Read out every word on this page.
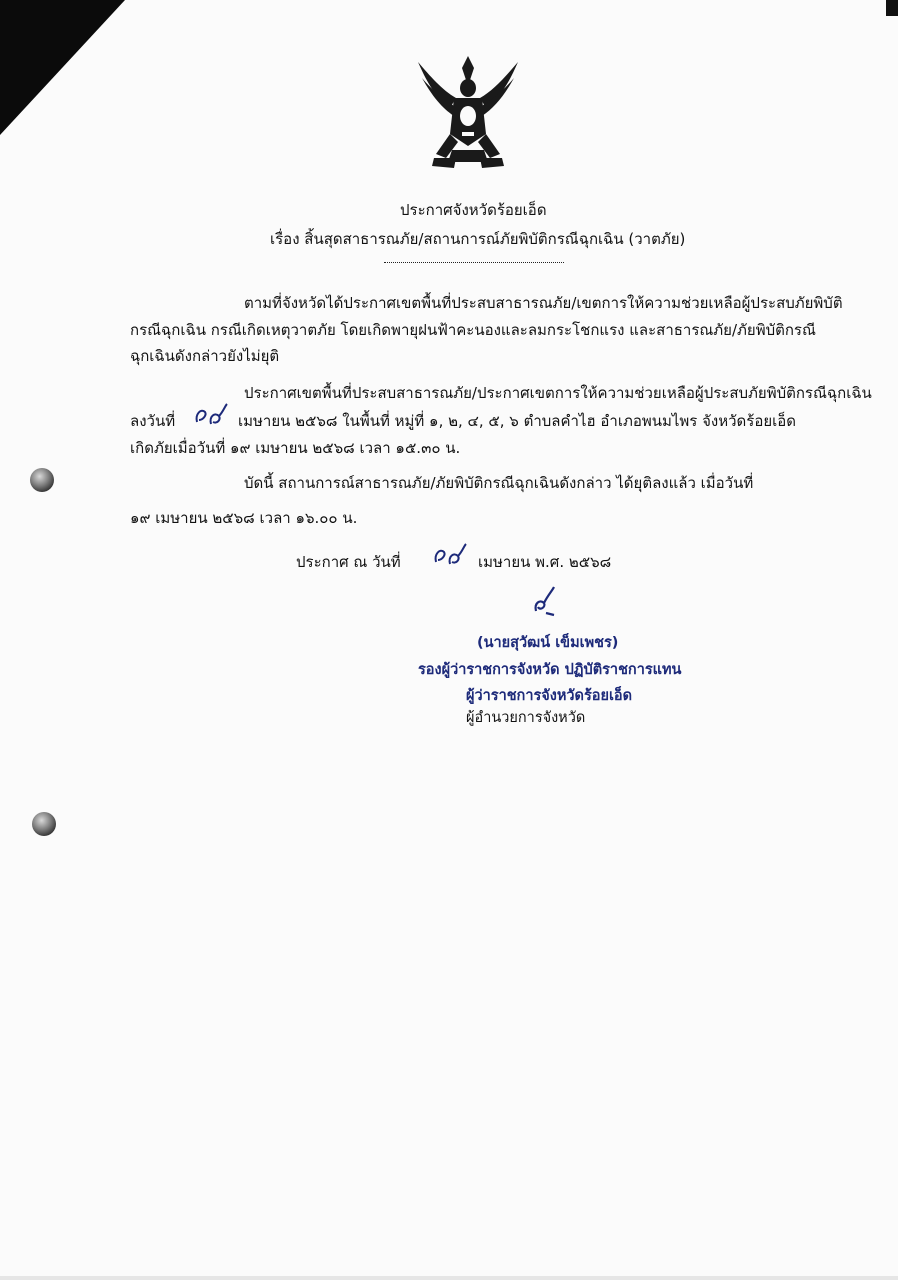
ประกาศจังหวัดร้อยเอ็ด
เรื่อง สิ้นสุดสาธารณภัย/สถานการณ์ภัยพิบัติกรณีฉุกเฉิน (วาตภัย)
ตามที่จังหวัดได้ประกาศเขตพื้นที่ประสบสาธารณภัย/เขตการให้ความช่วยเหลือผู้ประสบภัยพิบัติ
กรณีฉุกเฉิน กรณีเกิดเหตุวาตภัย โดยเกิดพายุฝนฟ้าคะนองและลมกระโชกแรง และสาธารณภัย/ภัยพิบัติกรณี
ฉุกเฉินดังกล่าวยังไม่ยุติ
ประกาศเขตพื้นที่ประสบสาธารณภัย/ประกาศเขตการให้ความช่วยเหลือผู้ประสบภัยพิบัติกรณีฉุกเฉิน
ลงวันที่	เมษายน ๒๕๖๘ ในพื้นที่ หมู่ที่ ๑, ๒, ๔, ๕, ๖ ตำบลคำไฮ อำเภอพนมไพร จังหวัดร้อยเอ็ด
เกิดภัยเมื่อวันที่ ๑๙ เมษายน ๒๕๖๘ เวลา ๑๕.๓๐ น.
บัดนี้ สถานการณ์สาธารณภัย/ภัยพิบัติกรณีฉุกเฉินดังกล่าว ได้ยุติลงแล้ว เมื่อวันที่
๑๙ เมษายน ๒๕๖๘ เวลา ๑๖.๐๐ น.
ประกาศ ณ วันที่	เมษายน พ.ศ. ๒๕๖๘
(นายสุวัฒน์ เข็มเพชร)
รองผู้ว่าราชการจังหวัด ปฏิบัติราชการแทน
ผู้ว่าราชการจังหวัดร้อยเอ็ด
ผู้อำนวยการจังหวัด
